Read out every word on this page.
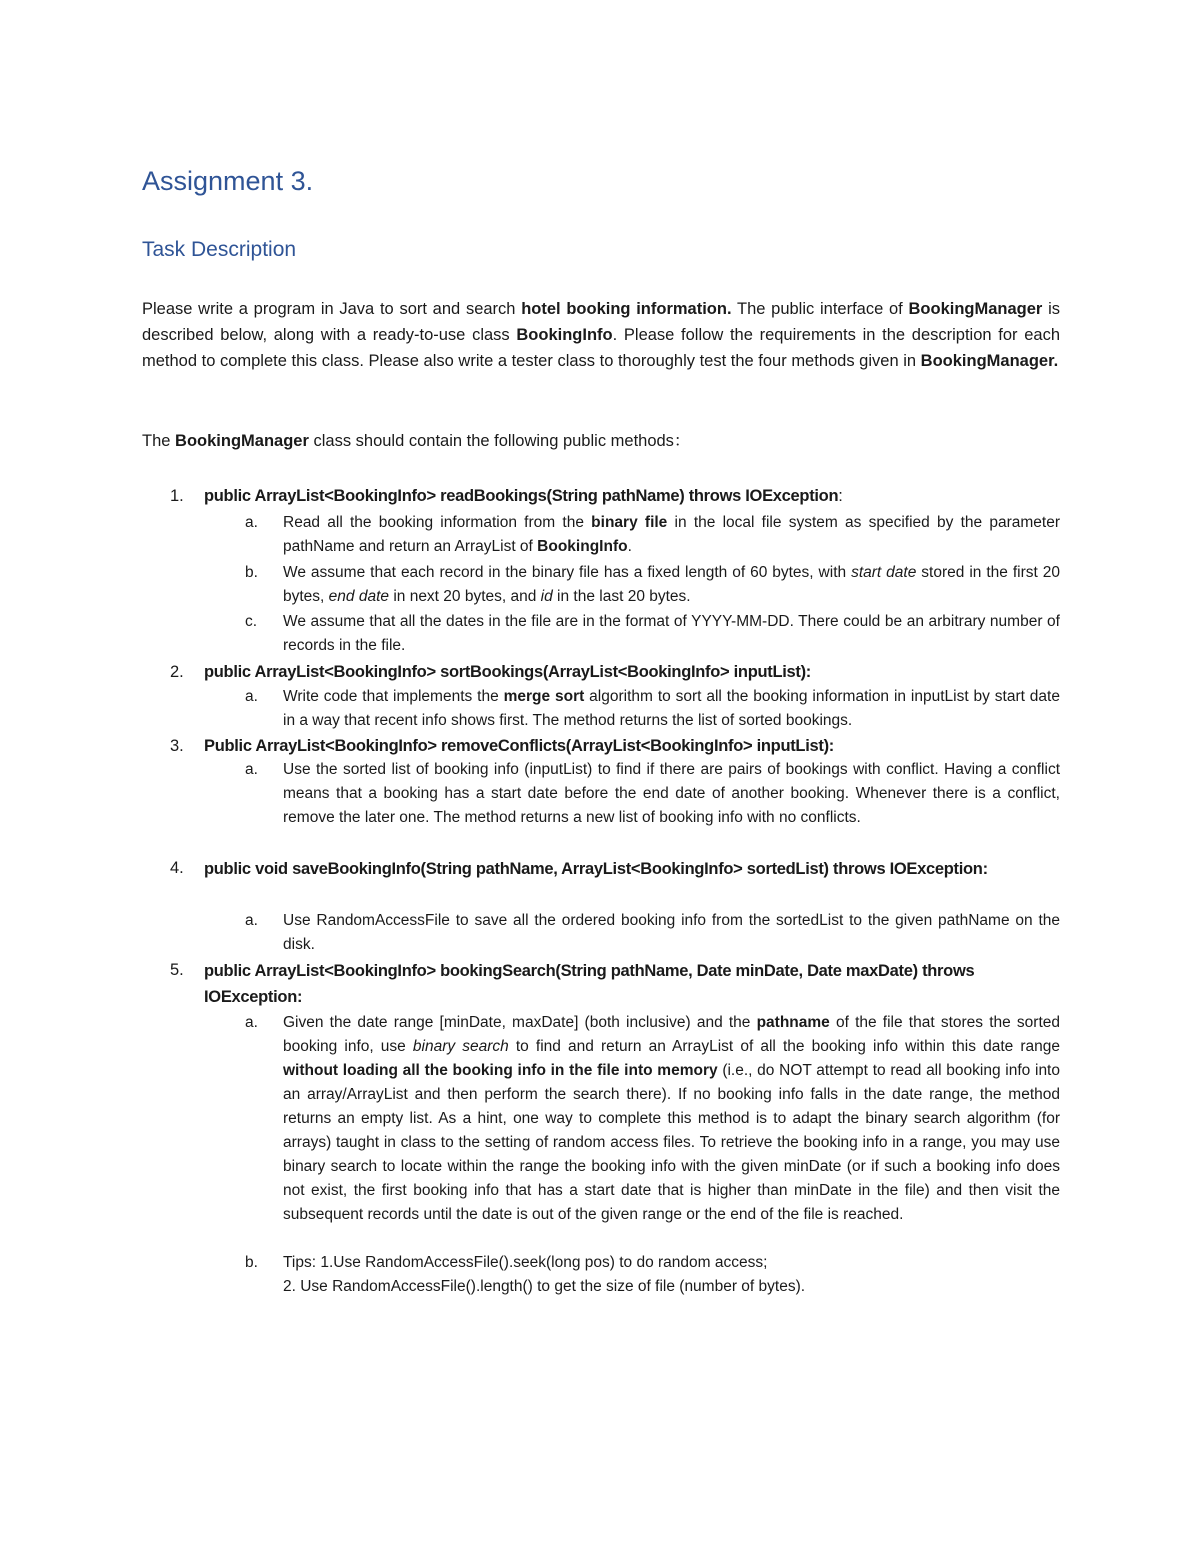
Assignment 3.
Task Description
Please write a program in Java to sort and search hotel booking information. The public interface of BookingManager is described below, along with a ready-to-use class BookingInfo. Please follow the requirements in the description for each method to complete this class. Please also write a tester class to thoroughly test the four methods given in BookingManager.
The BookingManager class should contain the following public methods：
1. public ArrayList<BookingInfo> readBookings(String pathName) throws IOException:
a. Read all the booking information from the binary file in the local file system as specified by the parameter pathName and return an ArrayList of BookingInfo.
b. We assume that each record in the binary file has a fixed length of 60 bytes, with start date stored in the first 20 bytes, end date in next 20 bytes, and id in the last 20 bytes.
c. We assume that all the dates in the file are in the format of YYYY-MM-DD. There could be an arbitrary number of records in the file.
2. public ArrayList<BookingInfo> sortBookings(ArrayList<BookingInfo> inputList):
a. Write code that implements the merge sort algorithm to sort all the booking information in inputList by start date in a way that recent info shows first. The method returns the list of sorted bookings.
3. Public ArrayList<BookingInfo> removeConflicts(ArrayList<BookingInfo> inputList):
a. Use the sorted list of booking info (inputList) to find if there are pairs of bookings with conflict. Having a conflict means that a booking has a start date before the end date of another booking. Whenever there is a conflict, remove the later one. The method returns a new list of booking info with no conflicts.
4. public void saveBookingInfo(String pathName, ArrayList<BookingInfo> sortedList) throws IOException:
a. Use RandomAccessFile to save all the ordered booking info from the sortedList to the given pathName on the disk.
5. public ArrayList<BookingInfo> bookingSearch(String pathName, Date minDate, Date maxDate) throws IOException:
a. Given the date range [minDate, maxDate] (both inclusive) and the pathname of the file that stores the sorted booking info, use binary search to find and return an ArrayList of all the booking info within this date range without loading all the booking info in the file into memory (i.e., do NOT attempt to read all booking info into an array/ArrayList and then perform the search there). If no booking info falls in the date range, the method returns an empty list. As a hint, one way to complete this method is to adapt the binary search algorithm (for arrays) taught in class to the setting of random access files. To retrieve the booking info in a range, you may use binary search to locate within the range the booking info with the given minDate (or if such a booking info does not exist, the first booking info that has a start date that is higher than minDate in the file) and then visit the subsequent records until the date is out of the given range or the end of the file is reached.
b. Tips: 1.Use RandomAccessFile().seek(long pos) to do random access;
2. Use RandomAccessFile().length() to get the size of file (number of bytes).
